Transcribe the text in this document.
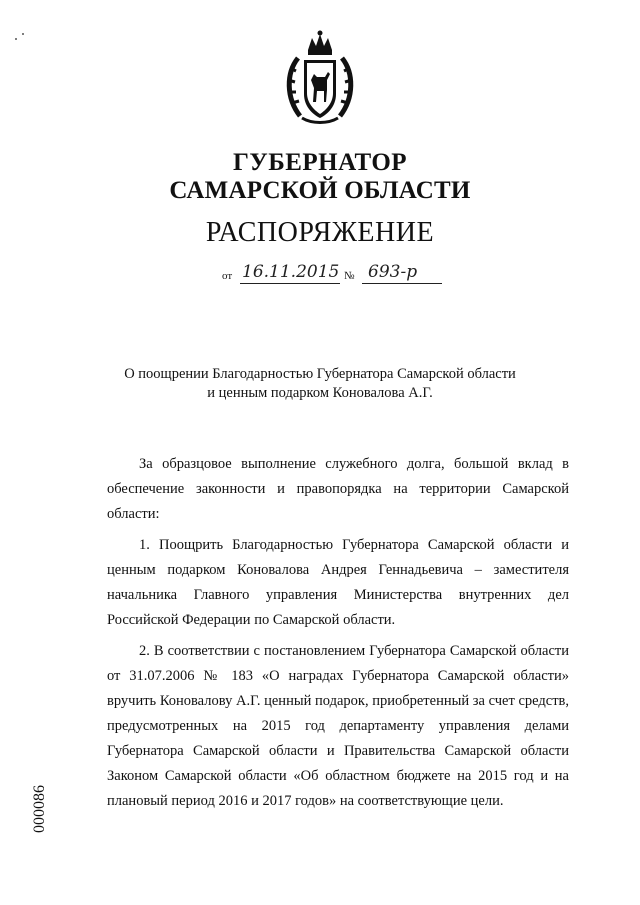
ГУБЕРНАТОР
САМАРСКОЙ ОБЛАСТИ
РАСПОРЯЖЕНИЕ
от 16.11.2015 № 693-р
О поощрении Благодарностью Губернатора Самарской области
и ценным подарком Коновалова А.Г.

За образцовое выполнение служебного долга, большой вклад в обеспечение законности и правопорядка на территории Самарской области:

1. Поощрить Благодарностью Губернатора Самарской области и ценным подарком Коновалова Андрея Геннадьевича – заместителя начальника Главного управления Министерства внутренних дел Российской Федерации по Самарской области.

2. В соответствии с постановлением Губернатора Самарской области от 31.07.2006 № 183 «О наградах Губернатора Самарской области» вручить Коновалову А.Г. ценный подарок, приобретенный за счет средств, предусмотренных на 2015 год департаменту управления делами Губернатора Самарской области и Правительства Самарской области Законом Самарской области «Об областном бюджете на 2015 год и на плановый период 2016 и 2017 годов» на соответствующие цели.

000086
